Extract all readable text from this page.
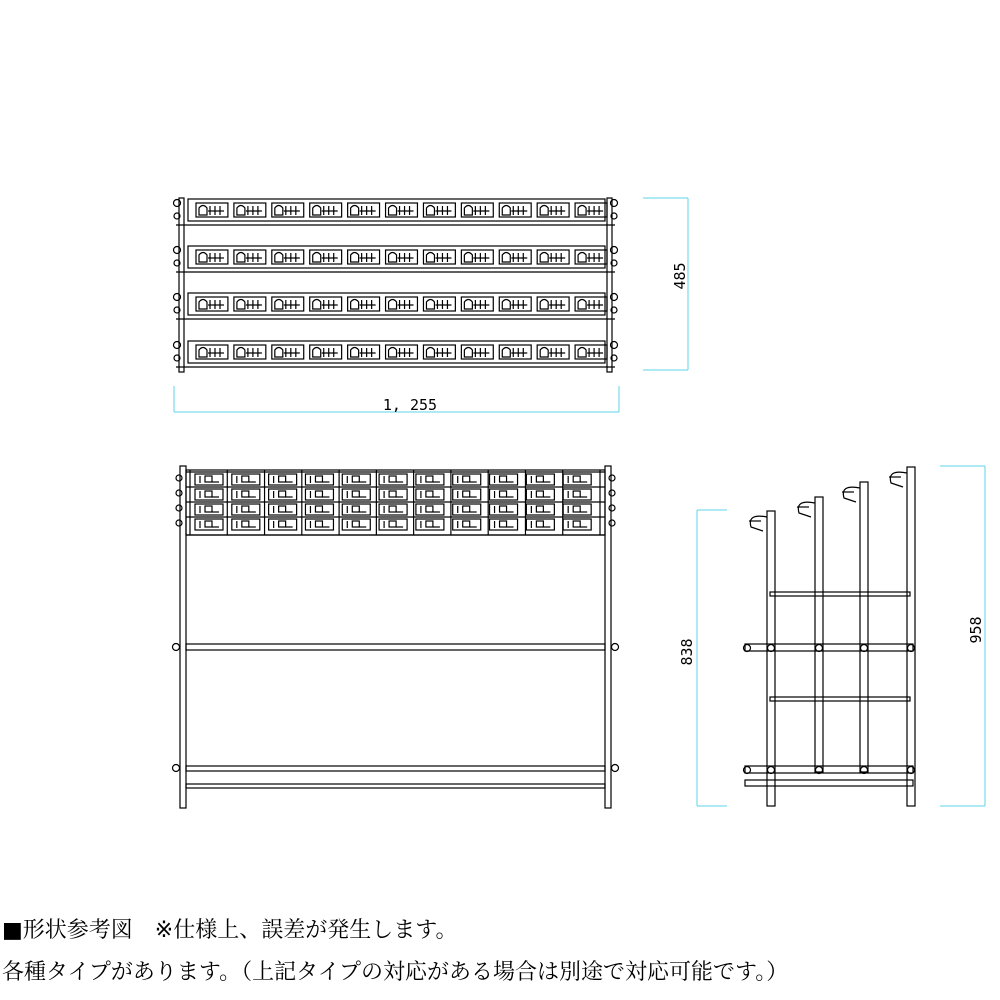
485
1, 255
838
958
■形状参考図　※仕様上、誤差が発生します。
各種タイプがあります。（上記タイプの対応がある場合は別途で対応可能です。）
